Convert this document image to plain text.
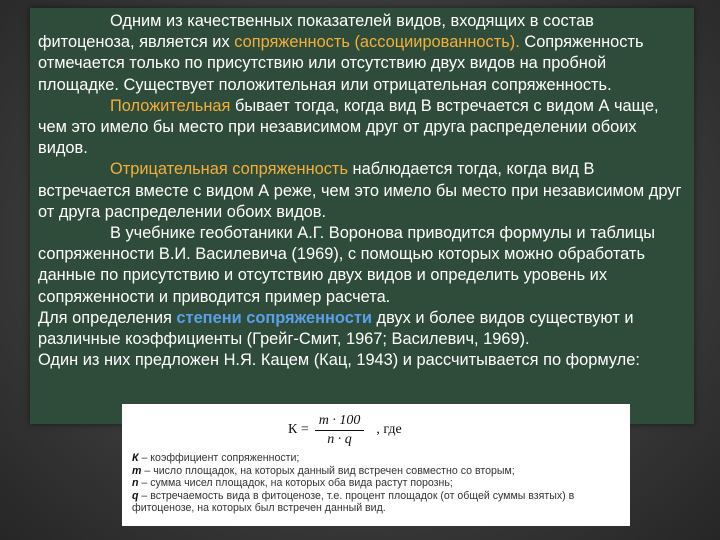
Одним из качественных показателей видов, входящих в состав фитоценоза, является их сопряженность (ассоциированность). Сопряженность отмечается только по присутствию или отсутствию двух видов на пробной площадке. Существует положительная или отрицательная сопряженность.

Положительная бывает тогда, когда вид В встречается с видом А чаще, чем это имело бы место при независимом друг от друга распределении обоих видов.

Отрицательная сопряженность наблюдается тогда, когда вид В встречается вместе с видом А реже, чем это имело бы место при независимом друг от друга распределении обоих видов.

В учебнике геоботаники А.Г. Воронова приводится формулы и таблицы сопряженности В.И. Василевича (1969), с помощью которых можно обработать данные по присутствию и отсутствию двух видов и определить уровень их сопряженности и приводится пример расчета.

Для определения степени сопряженности двух и более видов существуют и различные коэффициенты (Грейг-Смит, 1967; Василевич, 1969).

Один из них предложен Н.Я. Кацем (Кац, 1943) и рассчитывается по формуле:

$К = \frac{m \cdot 100}{n \cdot q}$ , где
К – коэффициент сопряженности;
m – число площадок, на которых данный вид встречен совместно со вторым;
n – сумма чисел площадок, на которых оба вида растут порознь;
q – встречаемость вида в фитоценозе, т.е. процент площадок (от общей суммы взятых) в фитоценозе, на которых был встречен данный вид.
